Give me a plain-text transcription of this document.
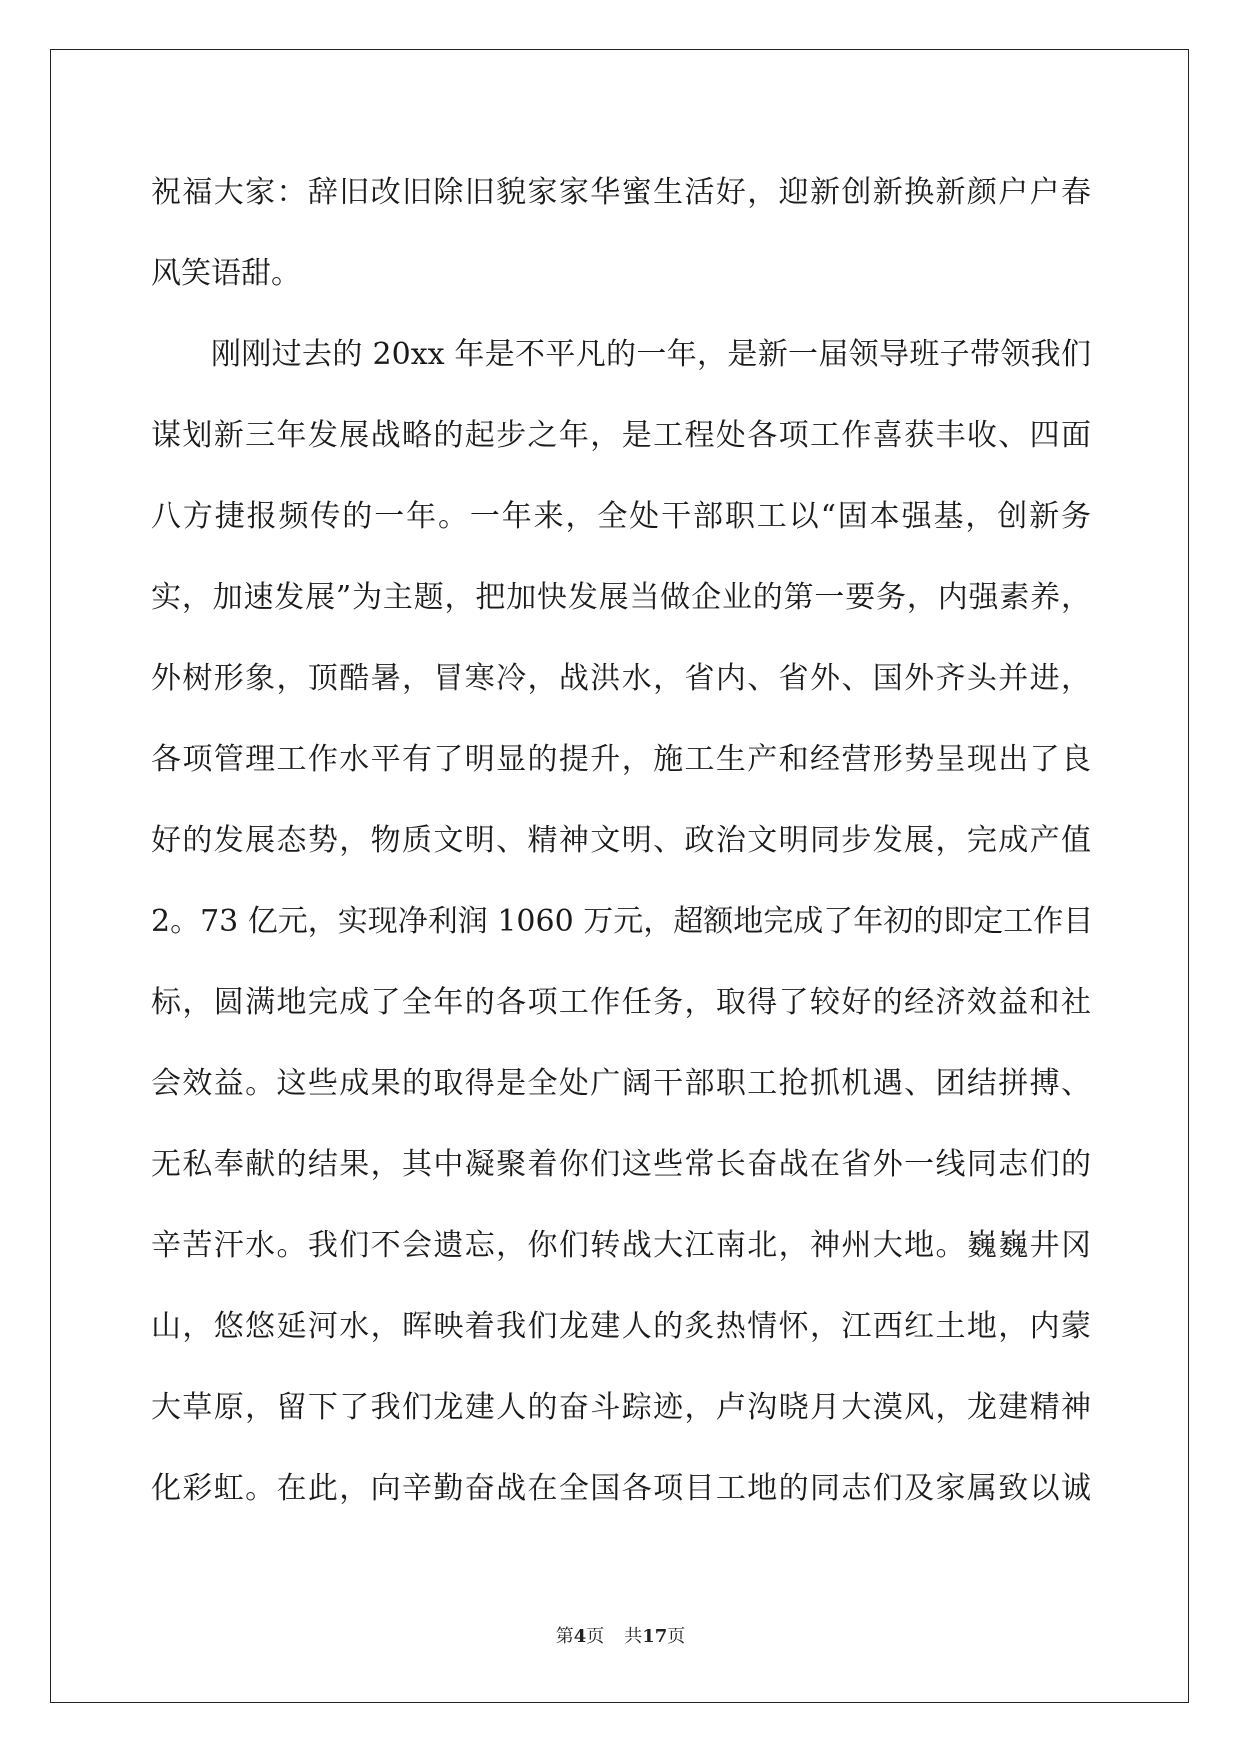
祝福大家：辞旧改旧除旧貌家家华蜜生活好，迎新创新换新颜户户春
风笑语甜。
刚刚过去的 20xx 年是不平凡的一年，是新一届领导班子带领我们
谋划新三年发展战略的起步之年，是工程处各项工作喜获丰收、四面
八方捷报频传的一年。一年来，全处干部职工以“固本强基，创新务
实，加速发展”为主题，把加快发展当做企业的第一要务，内强素养，
外树形象，顶酷暑，冒寒冷，战洪水，省内、省外、国外齐头并进，
各项管理工作水平有了明显的提升，施工生产和经营形势呈现出了良
好的发展态势，物质文明、精神文明、政治文明同步发展，完成产值
2。73 亿元，实现净利润 1060 万元，超额地完成了年初的即定工作目
标，圆满地完成了全年的各项工作任务，取得了较好的经济效益和社
会效益。这些成果的取得是全处广阔干部职工抢抓机遇、团结拼搏、
无私奉献的结果，其中凝聚着你们这些常长奋战在省外一线同志们的
辛苦汗水。我们不会遗忘，你们转战大江南北，神州大地。巍巍井冈
山，悠悠延河水，晖映着我们龙建人的炙热情怀，江西红土地，内蒙
大草原，留下了我们龙建人的奋斗踪迹，卢沟晓月大漠风，龙建精神
化彩虹。在此，向辛勤奋战在全国各项目工地的同志们及家属致以诚
第4页 共17页
